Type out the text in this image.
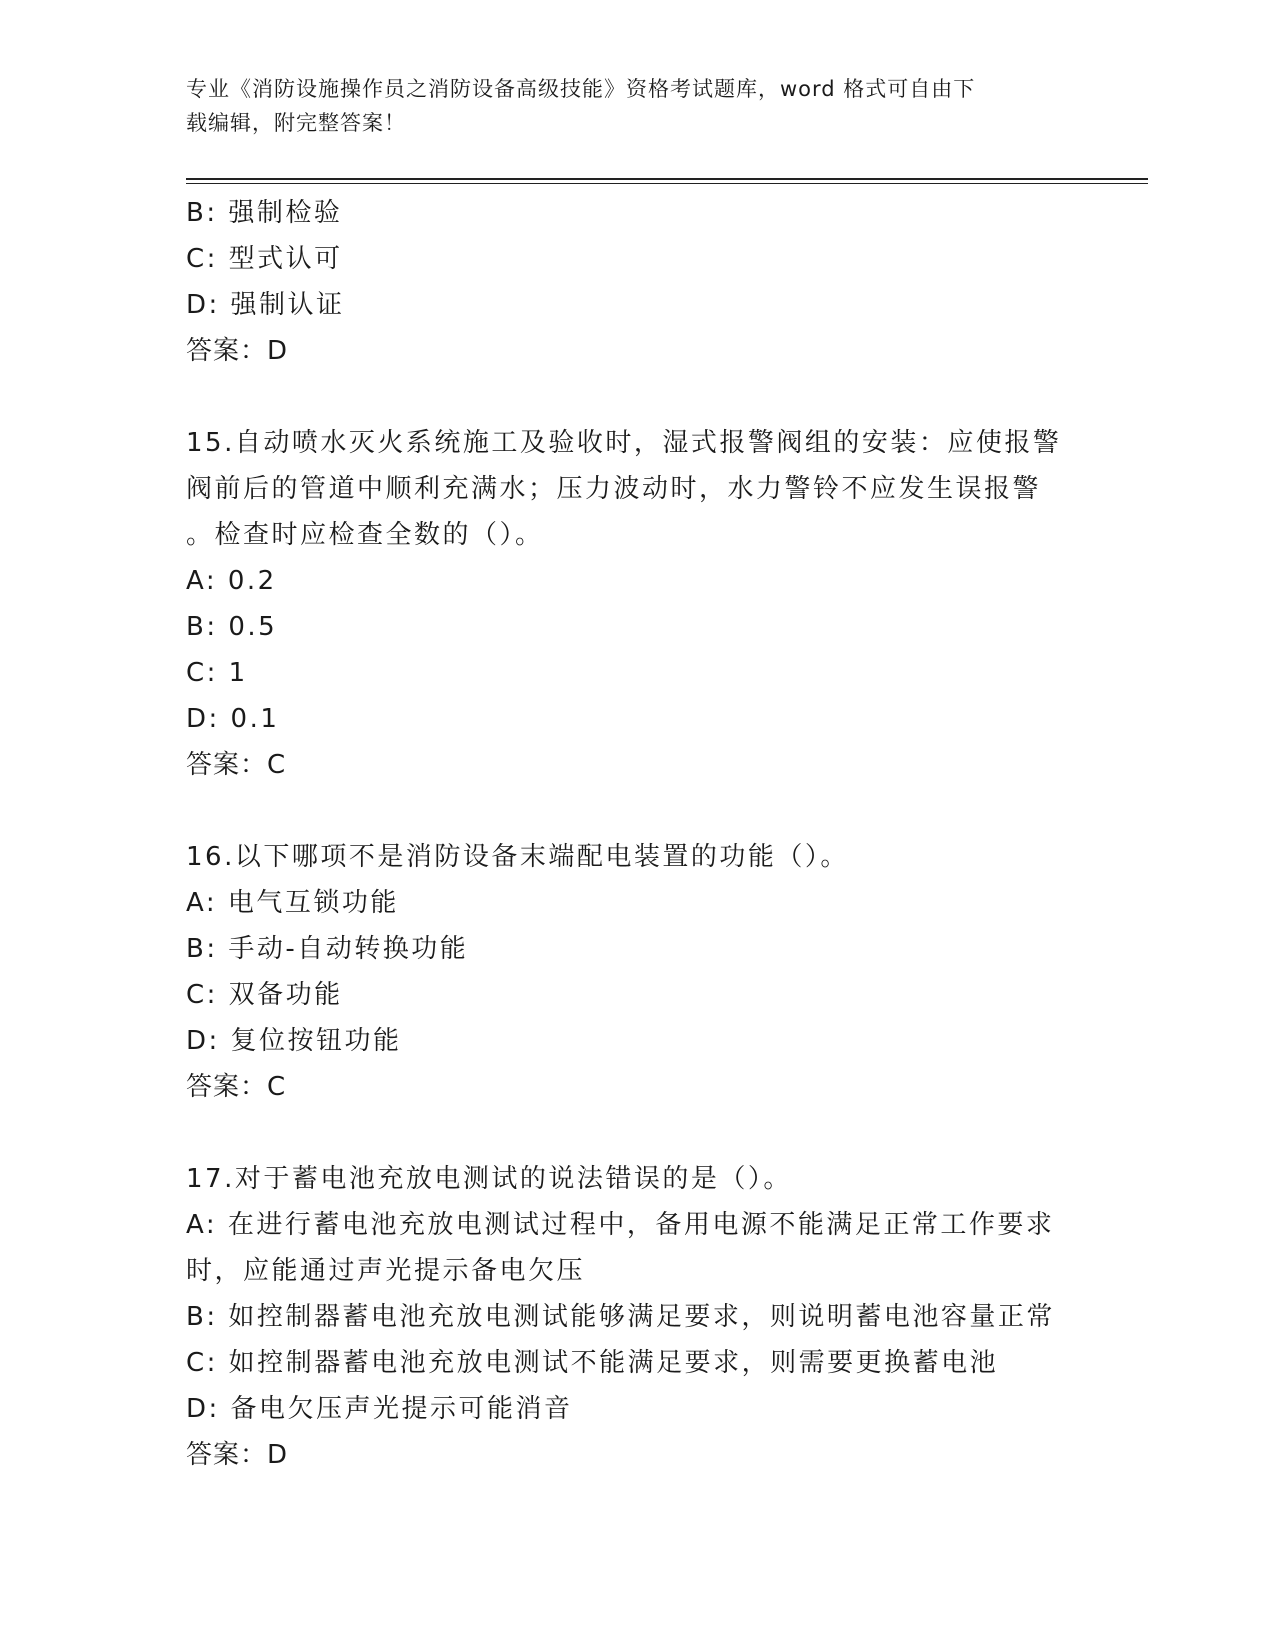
专业《消防设施操作员之消防设备高级技能》资格考试题库，word 格式可自由下
载编辑，附完整答案！
B: 强制检验
C: 型式认可
D: 强制认证
答案：D
15.自动喷水灭火系统施工及验收时，湿式报警阀组的安装：应使报警
阀前后的管道中顺利充满水；压力波动时，水力警铃不应发生误报警
。检查时应检查全数的（）。
A: 0.2
B: 0.5
C: 1
D: 0.1
答案：C
16.以下哪项不是消防设备末端配电装置的功能（）。
A: 电气互锁功能
B: 手动-自动转换功能
C: 双备功能
D: 复位按钮功能
答案：C
17.对于蓄电池充放电测试的说法错误的是（）。
A: 在进行蓄电池充放电测试过程中，备用电源不能满足正常工作要求
时，应能通过声光提示备电欠压
B: 如控制器蓄电池充放电测试能够满足要求，则说明蓄电池容量正常
C: 如控制器蓄电池充放电测试不能满足要求，则需要更换蓄电池
D: 备电欠压声光提示可能消音
答案：D
